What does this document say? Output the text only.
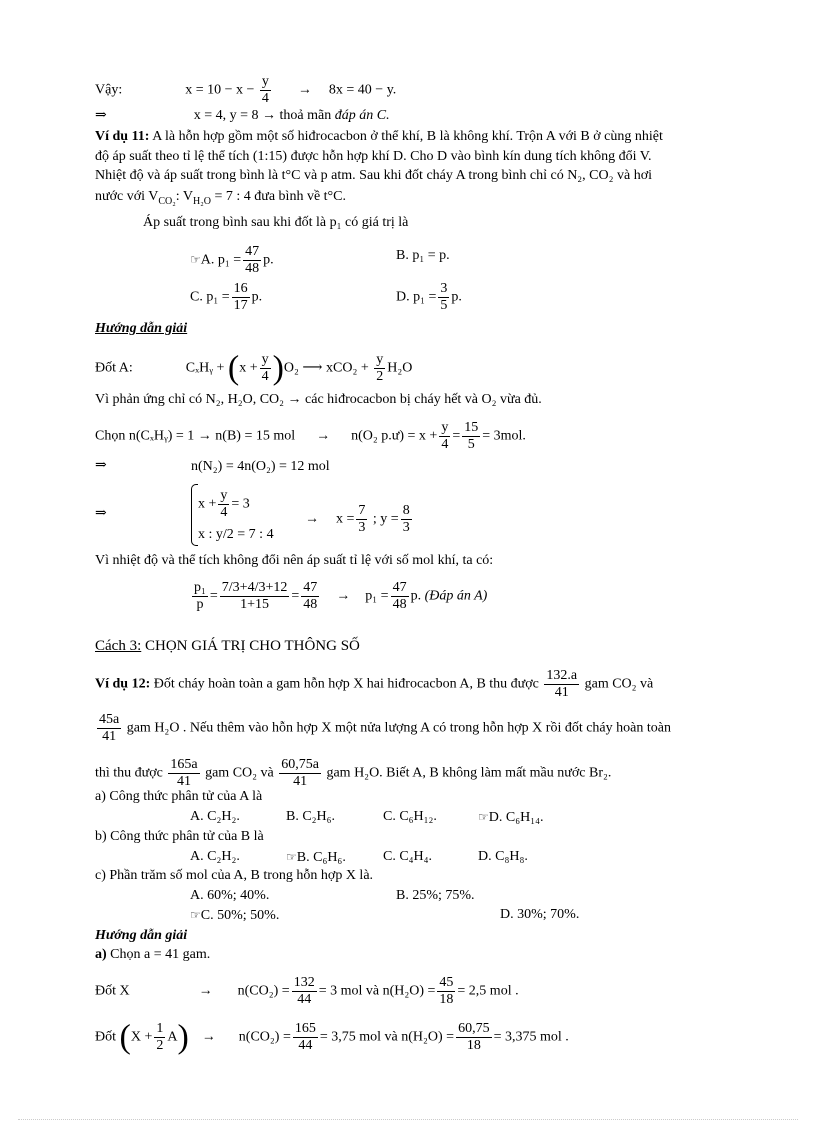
Vậy:	$x = 10 - x - \frac{y}{4} \to 8x = 40 - y$.
⇒	x = 4, y = 8 → thoả mãn đáp án C.
Ví dụ 11: A là hỗn hợp gồm một số hiđrocacbon ở thể khí, B là không khí. Trộn A với B ở cùng nhiệt
độ áp suất theo tỉ lệ thể tích (1:15) được hỗn hợp khí D. Cho D vào bình kín dung tích không đổi V.
Nhiệt độ và áp suất trong bình là t°C và p atm. Sau khi đốt cháy A trong bình chỉ có N₂, CO₂ và hơi
nước với $V_{CO_2}$: $V_{H_2O} = 7$ : 4 đưa bình về t°C.
Áp suất trong bình sau khi đốt là p₁ có giá trị là
☞A. $p_1 = \frac{47}{48} p$.	B. p₁ = p.
C. $p_1 = \frac{16}{17} p$.	D. $p_1 = \frac{3}{5} p$.
Hướng dẫn giải
Đốt A:	CₓHᵧ + $(x + \frac{y}{4} )O_2$ ⟶ $xCO_2 + \frac{y}{2} H_2O$
Vì phản ứng chỉ có N₂, H₂O, CO₂ → các hiđrocacbon bị cháy hết và O₂ vừa đủ.
Chọn n(CₓHᵧ) = 1 → n(B) = 15 mol → n(O₂ p.ư) = $x + \frac{y}{4} = \frac{15}{5} = 3mol$.
⇒	n(N₂) = 4n(O₂) = 12 mol
⇒
$x + \frac{y}{4} = 3$
x : y/2 = 7 : 4
→ $x = \frac{7}{3}$ ; $y = \frac{8}{3}$
Vì nhiệt độ và thể tích không đổi nên áp suất tỉ lệ với số mol khí, ta có:
$\frac{\text{p₁}}{p} = \frac{7/3+4/3+12}{1+15} = \frac{47}{48} \to p_1 = \frac{47}{48} p$. (Đáp án A)
Cách 3: CHỌN GIÁ TRỊ CHO THÔNG SỐ
Ví dụ 12: Đốt cháy hoàn toàn a gam hỗn hợp X hai hiđrocacbon A, B thu được $\frac{132.a}{41}$ gam CO₂ và
$\frac{45a}{41}$ gam H₂O . Nếu thêm vào hỗn hợp X một nửa lượng A có trong hỗn hợp X rồi đốt cháy hoàn toàn
thì thu được $\frac{165a}{41}$ gam CO₂ và $\frac{60,75a}{41}$ gam H₂O. Biết A, B không làm mất mầu nước Br₂.
a) Công thức phân tử của A là
A. C₂H₂.	B. C₂H₆.	C. C₆H₁₂.	☞D. C₆H₁₄.
b) Công thức phân tử của B là
A. C₂H₂.	☞B. C₆H₆.	C. C₄H₄.	D. C₈H₈.
c) Phần trăm số mol của A, B trong hỗn hợp X là.
A. 60%; 40%.	B. 25%; 75%.
☞C. 50%; 50%.	D. 30%; 70%.
Hướng dẫn giải
a) Chọn a = 41 gam.
Đốt X	→ $n(CO_2) = \frac{132}{44} = 3$ mol và $n(H_2O) = \frac{45}{18} = 2,5$ mol .
Đốt $(X + \frac{1}{2} A) \to n(CO_2) = \frac{165}{44} = 3,75$ mol và $n(H_2O) = \frac{60,75}{18} = 3,375$ mol .
